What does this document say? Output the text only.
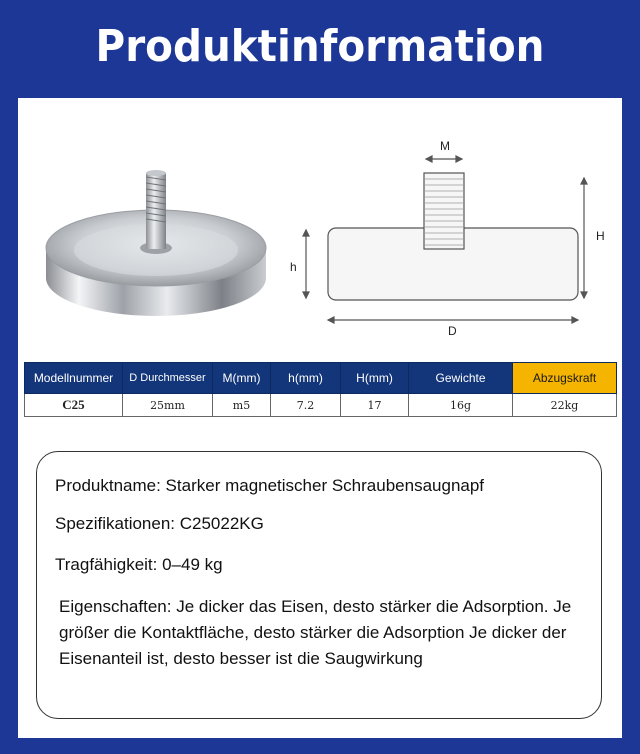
Produktinformation
M
H
h
D
Modellnummer	D Durchmesser	M(mm)	h(mm)	H(mm)	Gewichte	Abzugskraft
C25	25mm	m5	7.2	17	16g	22kg
Produktname: Starker magnetischer Schraubensaugnapf
Spezifikationen: C25022KG
Tragfähigkeit: 0–49 kg
Eigenschaften: Je dicker das Eisen, desto stärker die Adsorption. Je größer die Kontaktfläche, desto stärker die Adsorption Je dicker der Eisenanteil ist, desto besser ist die Saugwirkung
